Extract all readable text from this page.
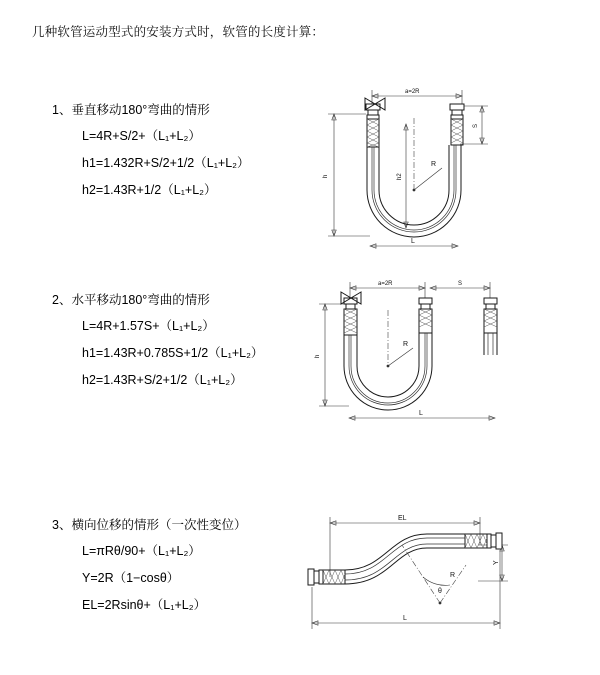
几种软管运动型式的安装方式时，软管的长度计算：
1、垂直移动180°弯曲的情形
L=4R+S/2+（L₁+L₂）
h1=1.432R+S/2+1/2（L₁+L₂）
h2=1.43R+1/2（L₁+L₂）
a=2R
h	h2
S
R
L
2、水平移动180°弯曲的情形
L=4R+1.57S+（L₁+L₂）
h1=1.43R+0.785S+1/2（L₁+L₂）
h2=1.43R+S/2+1/2（L₁+L₂）
a=2R	S
h
R
L
3、横向位移的情形（一次性变位）
L=πRθ/90+（L₁+L₂）
Y=2R（1−cosθ）
EL=2Rsinθ+（L₁+L₂）
EL
Y
θ
R
L
